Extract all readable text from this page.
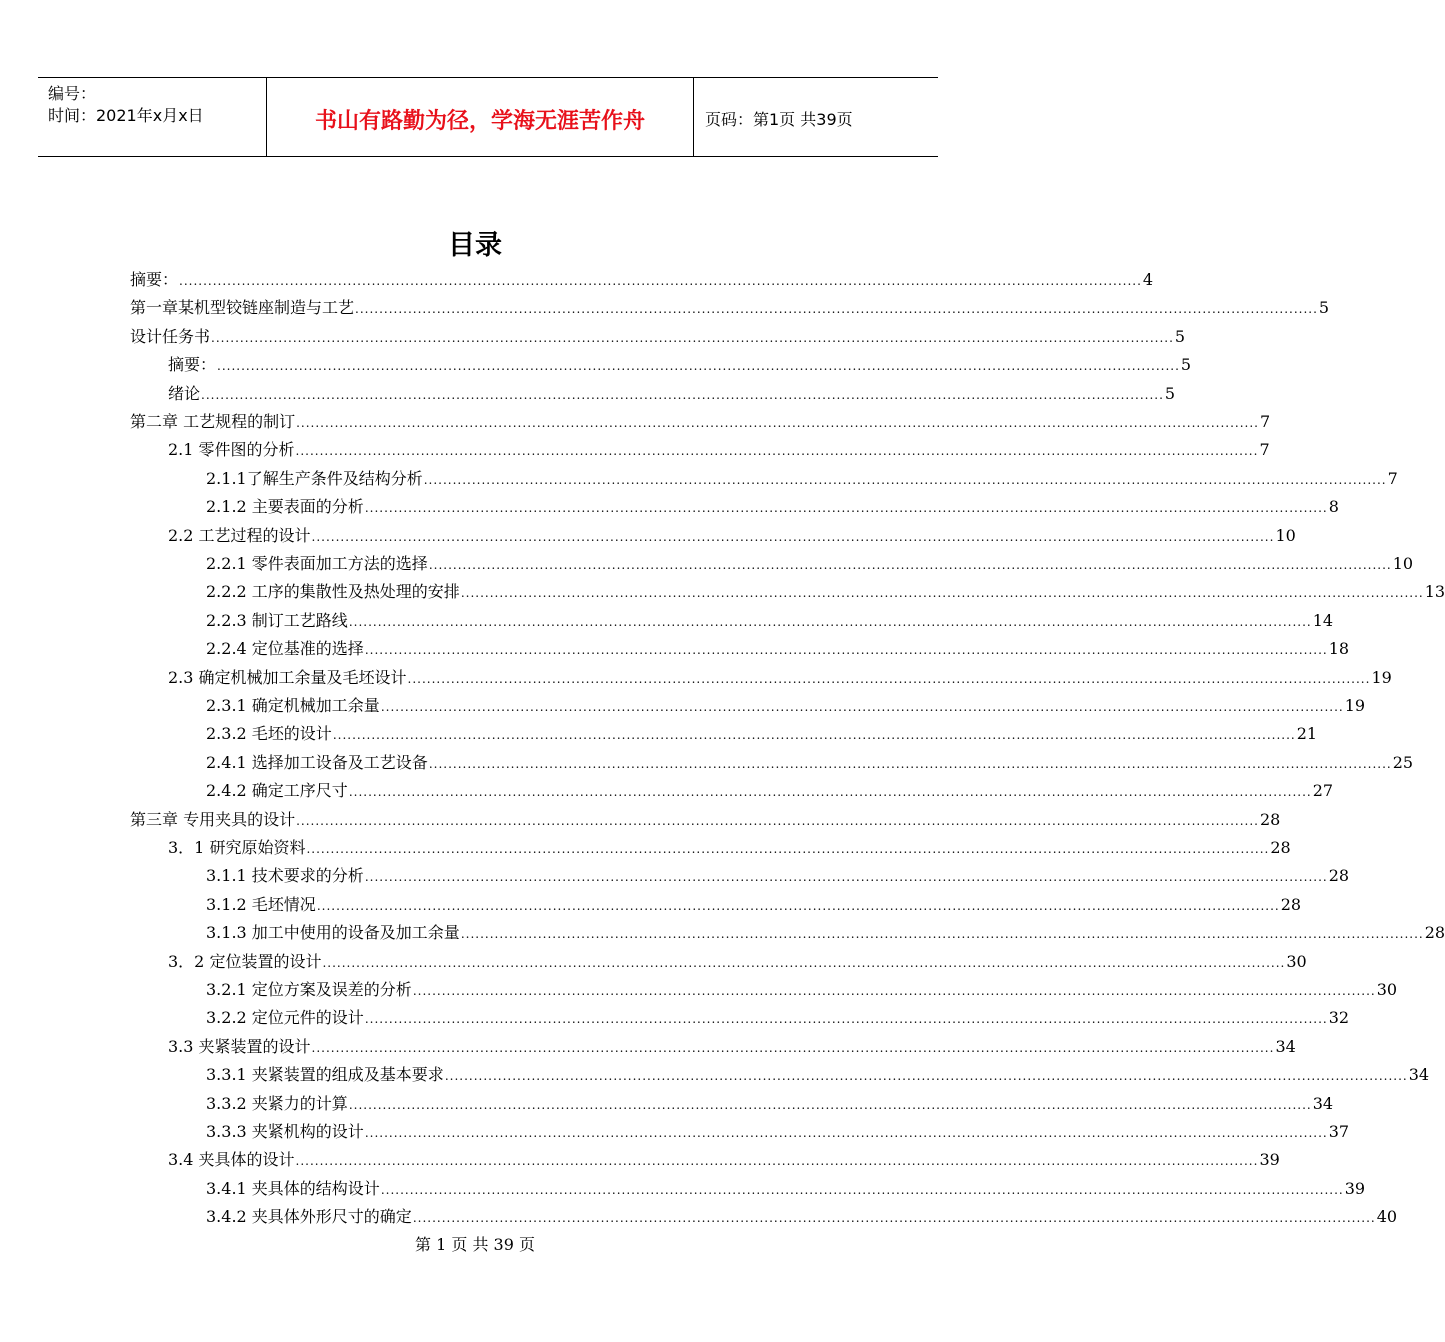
编号：
时间：2021年x月x日	书山有路勤为径，学海无涯苦作舟	页码：第1页 共39页
目录
摘要： ........................................................................................................................................................................................................ 4
第一章某机型铰链座制造与工艺 ........................................................................................................................................................................................................ 5
设计任务书 ........................................................................................................................................................................................................ 5
摘要： ........................................................................................................................................................................................................ 5
绪论 ........................................................................................................................................................................................................ 5
第二章 工艺规程的制订 ........................................................................................................................................................................................................ 7
2.1 零件图的分析 ........................................................................................................................................................................................................ 7
2.1.1了解生产条件及结构分析 ........................................................................................................................................................................................................ 7
2.1.2 主要表面的分析 ........................................................................................................................................................................................................ 8
2.2 工艺过程的设计 ........................................................................................................................................................................................................ 10
2.2.1 零件表面加工方法的选择 ........................................................................................................................................................................................................ 10
2.2.2 工序的集散性及热处理的安排 ........................................................................................................................................................................................................ 13
2.2.3 制订工艺路线 ........................................................................................................................................................................................................ 14
2.2.4 定位基准的选择 ........................................................................................................................................................................................................ 18
2.3 确定机械加工余量及毛坯设计 ........................................................................................................................................................................................................ 19
2.3.1 确定机械加工余量 ........................................................................................................................................................................................................ 19
2.3.2 毛坯的设计 ........................................................................................................................................................................................................ 21
2.4.1 选择加工设备及工艺设备 ........................................................................................................................................................................................................ 25
2.4.2 确定工序尺寸 ........................................................................................................................................................................................................ 27
第三章 专用夹具的设计 ........................................................................................................................................................................................................ 28
3．1 研究原始资料 ........................................................................................................................................................................................................ 28
3.1.1 技术要求的分析 ........................................................................................................................................................................................................ 28
3.1.2 毛坯情况 ........................................................................................................................................................................................................ 28
3.1.3 加工中使用的设备及加工余量 ........................................................................................................................................................................................................ 28
3．2 定位装置的设计 ........................................................................................................................................................................................................ 30
3.2.1 定位方案及误差的分析 ........................................................................................................................................................................................................ 30
3.2.2 定位元件的设计 ........................................................................................................................................................................................................ 32
3.3 夹紧装置的设计 ........................................................................................................................................................................................................ 34
3.3.1 夹紧装置的组成及基本要求 ........................................................................................................................................................................................................ 34
3.3.2 夹紧力的计算 ........................................................................................................................................................................................................ 34
3.3.3 夹紧机构的设计 ........................................................................................................................................................................................................ 37
3.4 夹具体的设计 ........................................................................................................................................................................................................ 39
3.4.1 夹具体的结构设计 ........................................................................................................................................................................................................ 39
3.4.2 夹具体外形尺寸的确定 ........................................................................................................................................................................................................ 40
第 1 页 共 39 页
